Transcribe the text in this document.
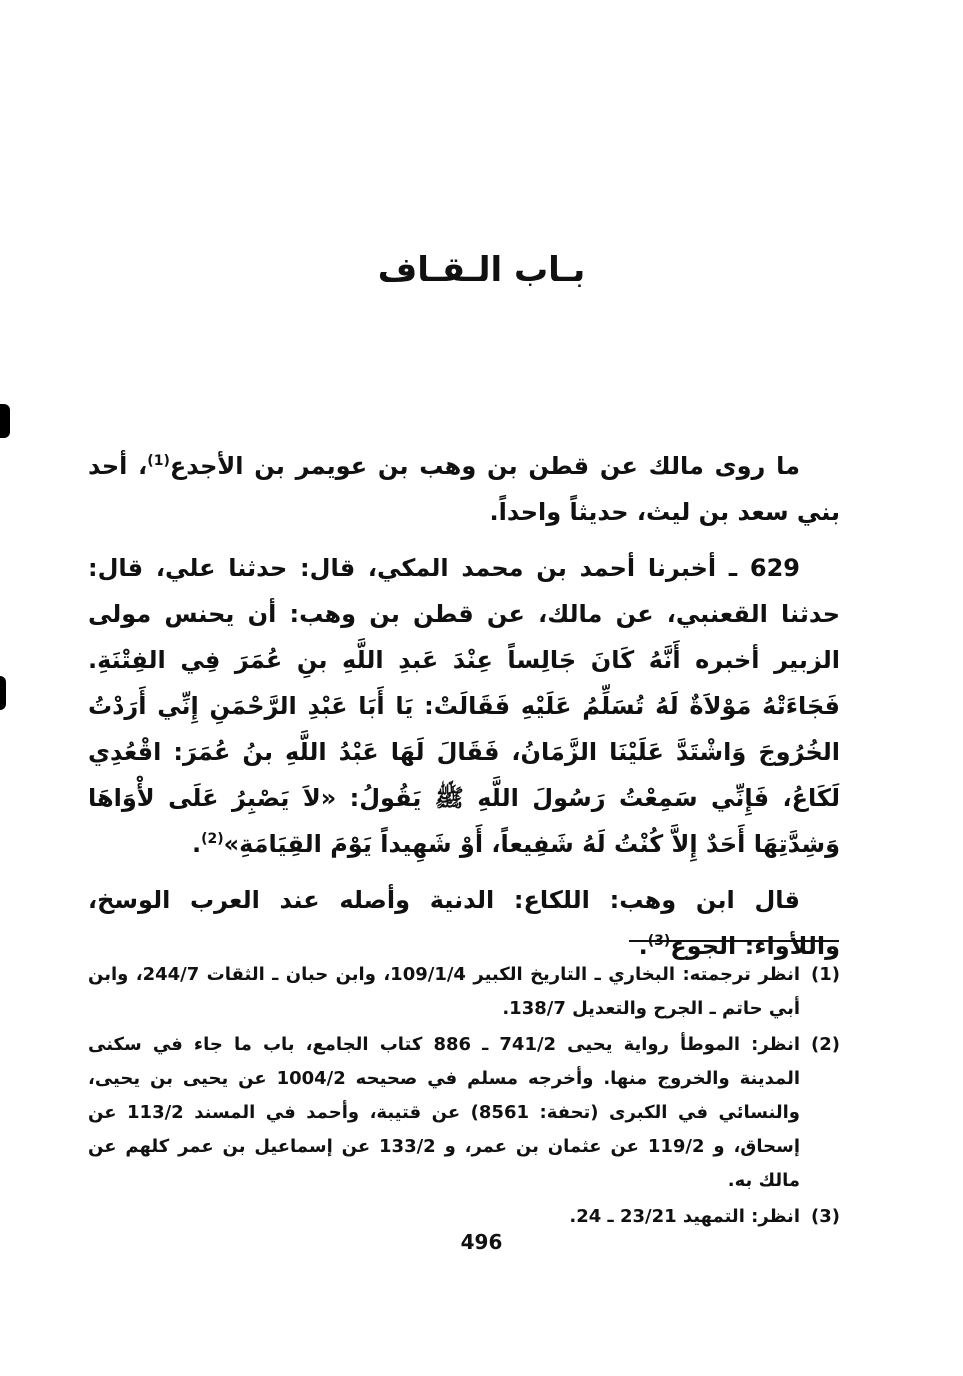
بـاب الـقـاف

ما روى مالك عن قطن بن وهب بن عويمر بن الأجدع$^{(1)}$، أحد بني سعد بن ليث، حديثاً واحداً.

629 ـ أخبرنا أحمد بن محمد المكي، قال: حدثنا علي، قال: حدثنا القعنبي، عن مالك، عن قطن بن وهب: أن يحنس مولى الزبير أخبره أَنَّهُ كَانَ جَالِساً عِنْدَ عَبدِ اللَّهِ بنِ عُمَرَ فِي الفِتْنَةِ. فَجَاءَتْهُ مَوْلاَةٌ لَهُ تُسَلِّمُ عَلَيْهِ فَقَالَتْ: يَا أَبَا عَبْدِ الرَّحْمَنِ إِنِّي أَرَدْتُ الخُرُوجَ وَاشْتَدَّ عَلَيْنَا الزَّمَانُ، فَقَالَ لَهَا عَبْدُ اللَّهِ بنُ عُمَرَ: اقْعُدِي لَكَاعُ، فَإِنِّي سَمِعْتُ رَسُولَ اللَّهِ ﷺ يَقُولُ: «لاَ يَصْبِرُ عَلَى لأْوَاهَا وَشِدَّتِهَا أَحَدٌ إِلاَّ كُنْتُ لَهُ شَفِيعاً، أَوْ شَهِيداً يَوْمَ القِيَامَةِ»$^{(2)}$.

قال ابن وهب: اللكاع: الدنية وأصله عند العرب الوسخ، واللأواء: الجوع$^{(3)}$.

(1)
انظر ترجمته: البخاري ـ التاريخ الكبير 109/1/4، وابن حبان ـ الثقات 244/7، وابن أبي حاتم ـ الجرح والتعديل 138/7.
(2)
انظر: الموطأ رواية يحيى 741/2 ـ 886 كتاب الجامع، باب ما جاء في سكنى المدينة والخروج منها. وأخرجه مسلم في صحيحه 1004/2 عن يحيى بن يحيى، والنسائي في الكبرى (تحفة: 8561) عن قتيبة، وأحمد في المسند 113/2 عن إسحاق، و 119/2 عن عثمان بن عمر، و 133/2 عن إسماعيل بن عمر كلهم عن مالك به.
(3)
انظر: التمهيد 23/21 ـ 24.
496
